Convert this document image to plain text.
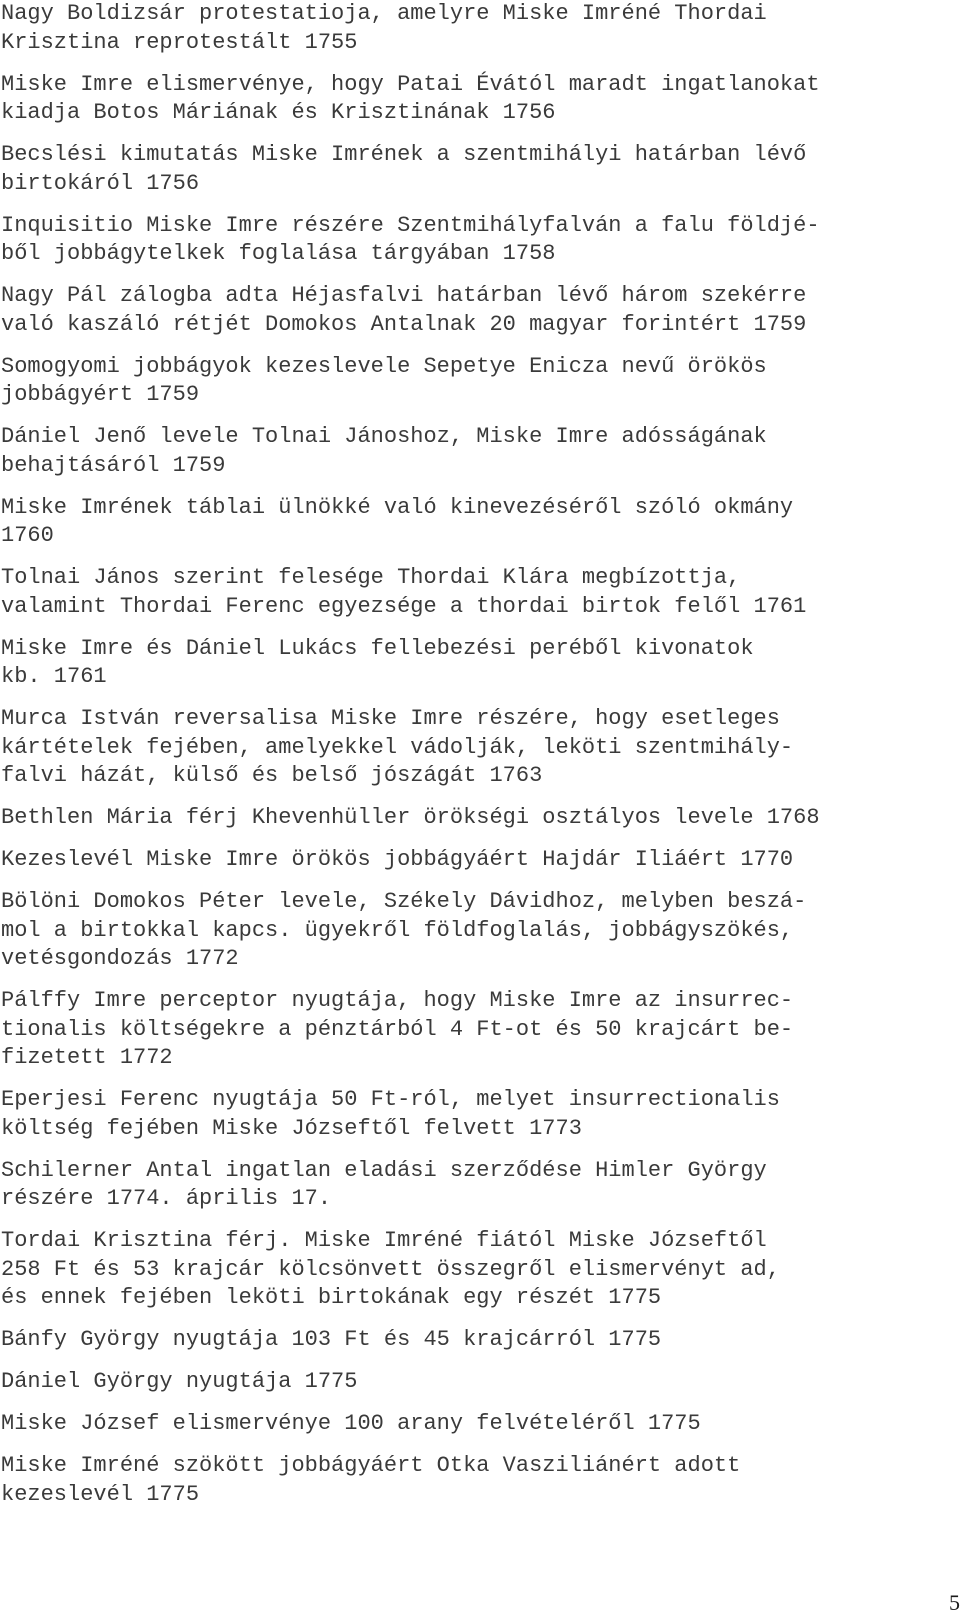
Nagy Boldizsár protestatioja, amelyre Miske Imréné Thordai
Krisztina reprotestált 1755
Miske Imre elismervénye, hogy Patai Évától maradt ingatlanokat
kiadja Botos Máriának és Krisztinának 1756
Becslési kimutatás Miske Imrének a szentmihályi határban lévő
birtokáról 1756
Inquisitio Miske Imre részére Szentmihályfalván a falu földjé-
ből jobbágytelkek foglalása tárgyában 1758
Nagy Pál zálogba adta Héjasfalvi határban lévő három szekérre
való kaszáló rétjét Domokos Antalnak 20 magyar forintért 1759
Somogyomi jobbágyok kezeslevele Sepetye Enicza nevű örökös
jobbágyért 1759
Dániel Jenő levele Tolnai Jánoshoz, Miske Imre adósságának
behajtásáról 1759
Miske Imrének táblai ülnökké való kinevezéséről szóló okmány
1760
Tolnai János szerint felesége Thordai Klára megbízottja,
valamint Thordai Ferenc egyezsége a thordai birtok felől 1761
Miske Imre és Dániel Lukács fellebezési peréből kivonatok
kb. 1761
Murca István reversalisa Miske Imre részére, hogy esetleges
kártételek fejében, amelyekkel vádolják, leköti szentmihály-
falvi házát, külső és belső jószágát 1763
Bethlen Mária férj Khevenhüller örökségi osztályos levele 1768
Kezeslevél Miske Imre örökös jobbágyáért Hajdár Iliáért 1770
Bölöni Domokos Péter levele, Székely Dávidhoz, melyben beszá-
mol a birtokkal kapcs. ügyekről földfoglalás, jobbágyszökés,
vetésgondozás 1772
Pálffy Imre perceptor nyugtája, hogy Miske Imre az insurrec-
tionalis költségekre a pénztárból 4 Ft-ot és 50 krajcárt be-
fizetett 1772
Eperjesi Ferenc nyugtája 50 Ft-ról, melyet insurrectionalis
költség fejében Miske Józseftől felvett 1773
Schilerner Antal ingatlan eladási szerződése Himler György
részére 1774. április 17.
Tordai Krisztina férj. Miske Imréné fiától Miske Józseftől
258 Ft és 53 krajcár kölcsönvett összegről elismervényt ad,
és ennek fejében leköti birtokának egy részét 1775
Bánfy György nyugtája 103 Ft és 45 krajcárról 1775
Dániel György nyugtája 1775
Miske József elismervénye 100 arany felvételéről 1775
Miske Imréné szökött jobbágyáért Otka Vasziliánért adott
kezeslevél 1775
5
